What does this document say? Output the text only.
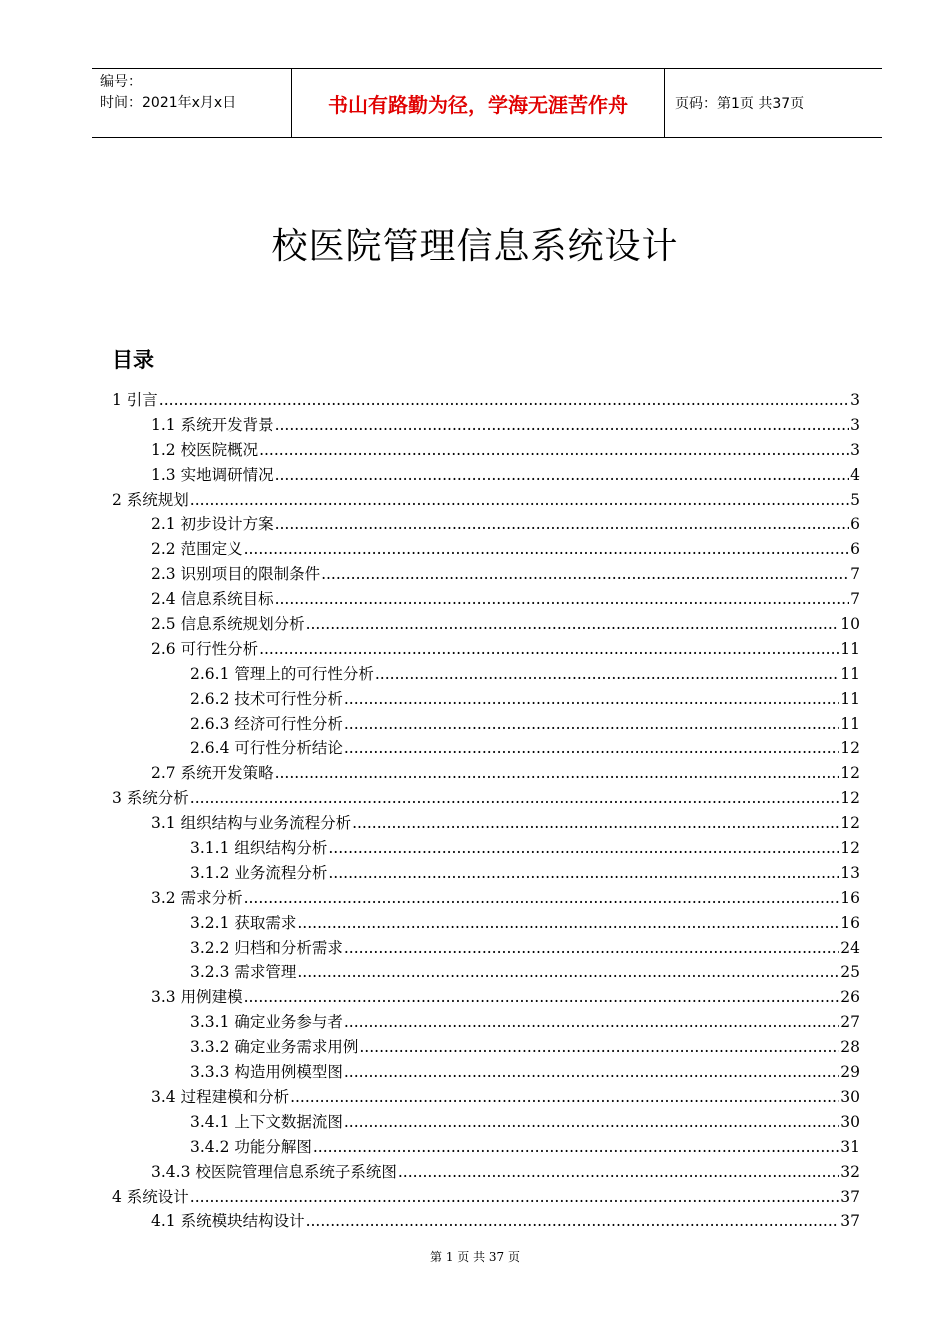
编号：
时间：2021年x月x日	书山有路勤为径，学海无涯苦作舟	页码：第1页 共37页
校医院管理信息系统设计
目录
1 引言 .....	3
1.1 系统开发背景 .....	3
1.2 校医院概况 .....	3
1.3 实地调研情况 .....	4
2 系统规划 .....	5
2.1 初步设计方案 .....	6
2.2 范围定义 .....	6
2.3 识别项目的限制条件 .....	7
2.4 信息系统目标 .....	7
2.5 信息系统规划分析 .....	10
2.6 可行性分析 .....	11
2.6.1 管理上的可行性分析 .....	11
2.6.2 技术可行性分析 .....	11
2.6.3 经济可行性分析 .....	11
2.6.4 可行性分析结论 .....	12
2.7 系统开发策略 .....	12
3 系统分析 .....	12
3.1 组织结构与业务流程分析 .....	12
3.1.1 组织结构分析 .....	12
3.1.2 业务流程分析 .....	13
3.2 需求分析 .....	16
3.2.1 获取需求 .....	16
3.2.2 归档和分析需求 .....	24
3.2.3 需求管理 .....	25
3.3 用例建模 .....	26
3.3.1 确定业务参与者 .....	27
3.3.2 确定业务需求用例 .....	28
3.3.3 构造用例模型图 .....	29
3.4 过程建模和分析 .....	30
3.4.1 上下文数据流图 .....	30
3.4.2 功能分解图 .....	31
3.4.3 校医院管理信息系统子系统图 .....	32
4 系统设计 .....	37
4.1 系统模块结构设计 .....	37
第 1 页 共 37 页
